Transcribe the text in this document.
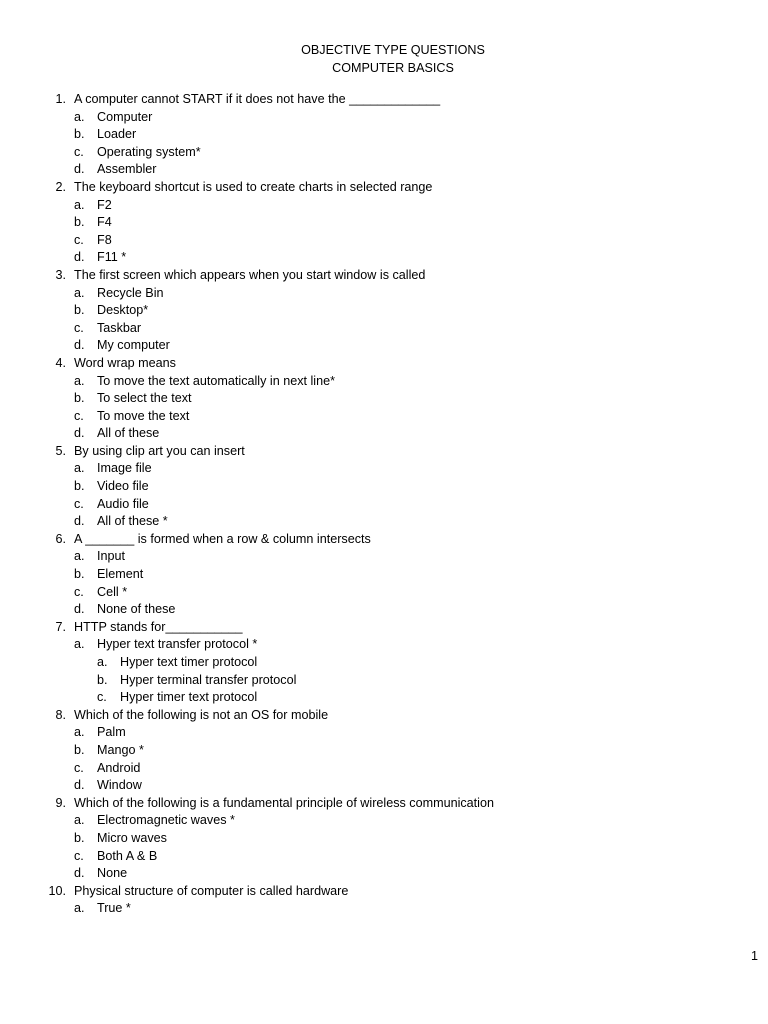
OBJECTIVE TYPE QUESTIONS
COMPUTER BASICS
1. A computer cannot START if it does not have the _____________
a. Computer
b. Loader
c. Operating system*
d. Assembler
2. The keyboard shortcut is used to create charts in selected range
a. F2
b. F4
c. F8
d. F11 *
3. The first screen which appears when you start window is called
a. Recycle Bin
b. Desktop*
c. Taskbar
d. My computer
4. Word wrap means
a. To move the text automatically in next line*
b. To select the text
c. To move the text
d. All of these
5. By using clip art you can insert
a. Image file
b. Video file
c. Audio file
d. All of these *
6. A _______ is formed when a row & column intersects
a. Input
b. Element
c. Cell *
d. None of these
7. HTTP stands for___________
a. Hyper text transfer protocol *
a. Hyper text timer protocol
b. Hyper terminal transfer protocol
c. Hyper timer text protocol
8. Which of the following is not an OS for mobile
a. Palm
b. Mango *
c. Android
d. Window
9. Which of the following is a fundamental principle of wireless communication
a. Electromagnetic waves *
b. Micro waves
c. Both A & B
d. None
10. Physical structure of computer is called hardware
a. True *
1
